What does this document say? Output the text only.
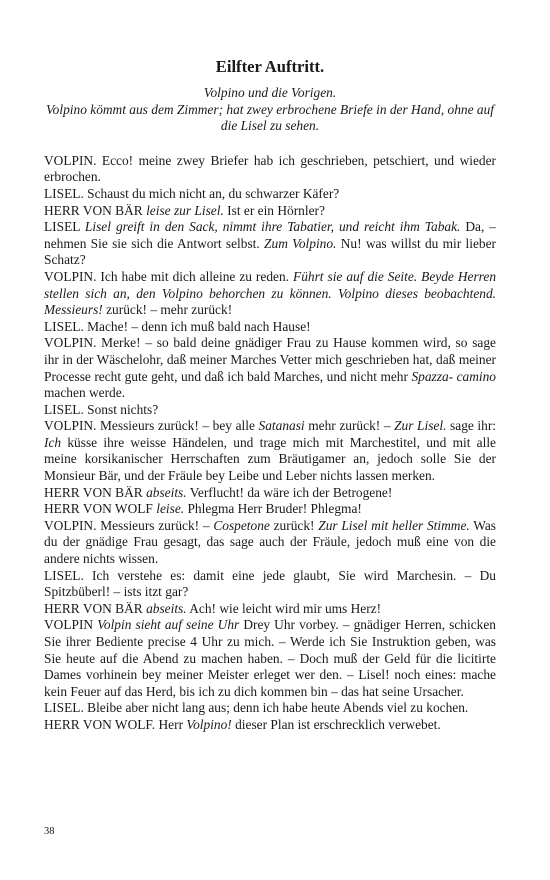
Eilfter Auftritt.

Volpino und die Vorigen.

Volpino kömmt aus dem Zimmer; hat zwey erbrochene Briefe in der Hand, ohne auf die Lisel zu sehen.

VOLPIN. Ecco! meine zwey Briefer hab ich geschrieben, petschiert, und wieder erbrochen.

LISEL. Schaust du mich nicht an, du schwarzer Käfer?

HERR VON BÄR leise zur Lisel. Ist er ein Hörnler?

LISEL Lisel greift in den Sack, nimmt ihre Tabatier, und reicht ihm Tabak. Da, – nehmen Sie sie sich die Antwort selbst. Zum Volpino. Nu! was willst du mir lieber Schatz?

VOLPIN. Ich habe mit dich alleine zu reden. Führt sie auf die Seite. Beyde Herren stellen sich an, den Volpino behorchen zu können. Volpino dieses beobachtend. Messieurs! zurück! – mehr zurück!

LISEL. Mache! – denn ich muß bald nach Hause!

VOLPIN. Merke! – so bald deine gnädiger Frau zu Hause kommen wird, so sage ihr in der Wäschelohr, daß meiner Marches Vetter mich geschrieben hat, daß meiner Processe recht gute geht, und daß ich bald Marches, und nicht mehr Spazza- camino machen werde.

LISEL. Sonst nichts?

VOLPIN. Messieurs zurück! – bey alle Satanasi mehr zurück! – Zur Lisel. sage ihr: Ich küsse ihre weisse Händelen, und trage mich mit Marchestitel, und mit alle meine korsikanischer Herrschaften zum Bräutigamer an, jedoch solle Sie der Monsieur Bär, und der Fräule bey Leibe und Leber nichts lassen merken.

HERR VON BÄR abseits. Verflucht! da wäre ich der Betrogene!

HERR VON WOLF leise. Phlegma Herr Bruder! Phlegma!

VOLPIN. Messieurs zurück! – Cospetone zurück! Zur Lisel mit heller Stimme. Was du der gnädige Frau gesagt, das sage auch der Fräule, jedoch muß eine von die andere nichts wissen.

LISEL. Ich verstehe es: damit eine jede glaubt, Sie wird Marchesin. – Du Spitzbüberl! – ists itzt gar?

HERR VON BÄR abseits. Ach! wie leicht wird mir ums Herz!

VOLPIN Volpin sieht auf seine Uhr Drey Uhr vorbey. – gnädiger Herren, schicken Sie ihrer Bediente precise 4 Uhr zu mich. – Werde ich Sie Instruktion geben, was Sie heute auf die Abend zu machen haben. – Doch muß der Geld für die licitirte Dames vorhinein bey meiner Meister erleget wer den. – Lisel! noch eines: mache kein Feuer auf das Herd, bis ich zu dich kommen bin – das hat seine Ursacher.

LISEL. Bleibe aber nicht lang aus; denn ich habe heute Abends viel zu kochen.

HERR VON WOLF. Herr Volpino! dieser Plan ist erschrecklich verwebet.

38
